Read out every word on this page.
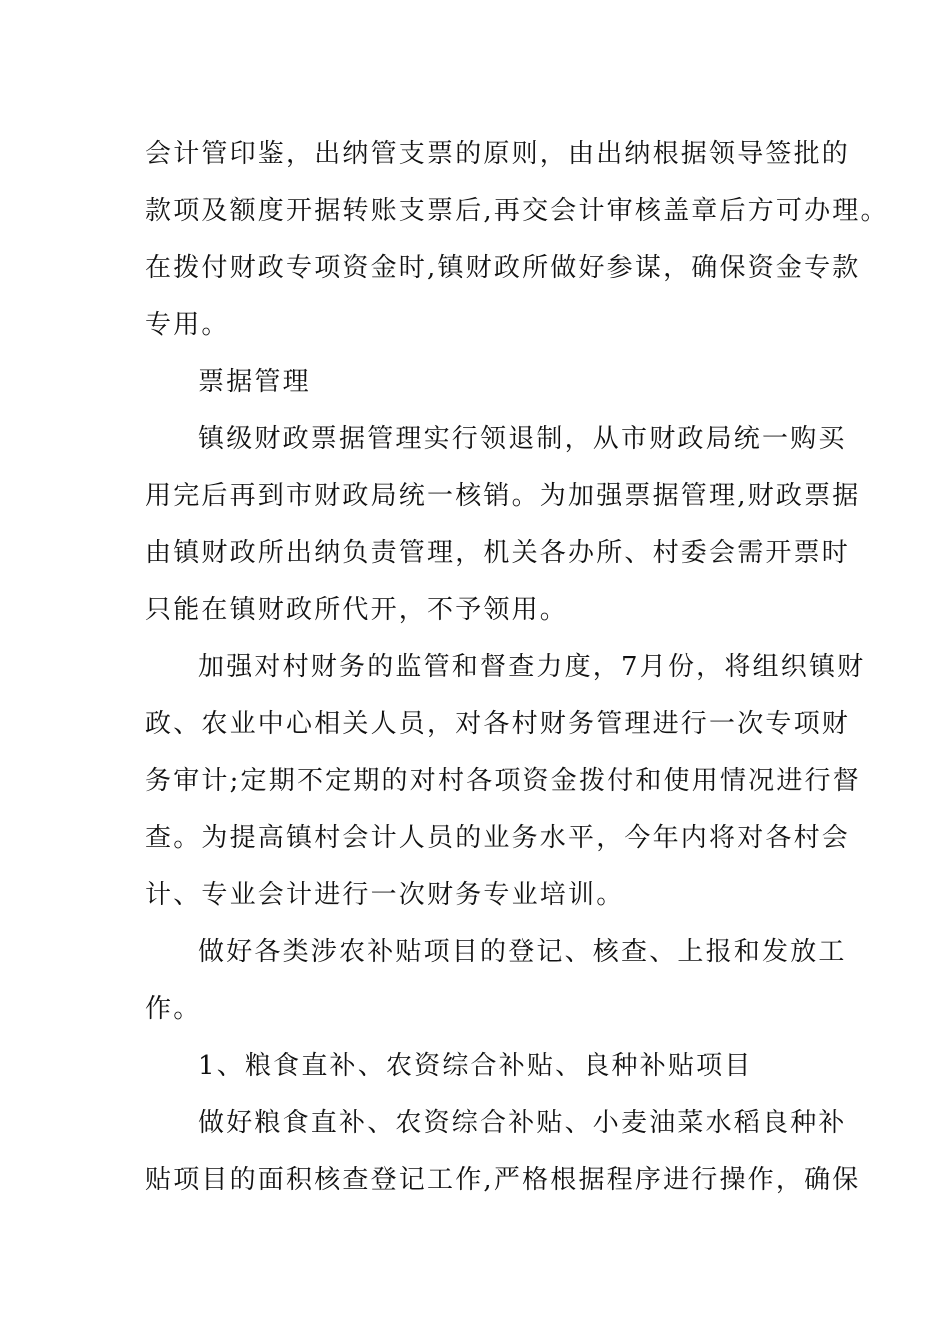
会计管印鉴，出纳管支票的原则，由出纳根据领导签批的
款项及额度开据转账支票后,再交会计审核盖章后方可办理。
在拨付财政专项资金时,镇财政所做好参谋，确保资金专款
专用。
票据管理
镇级财政票据管理实行领退制，从市财政局统一购买
用完后再到市财政局统一核销。为加强票据管理,财政票据
由镇财政所出纳负责管理，机关各办所、村委会需开票时
只能在镇财政所代开，不予领用。
加强对村财务的监管和督查力度，7月份，将组织镇财
政、农业中心相关人员，对各村财务管理进行一次专项财
务审计;定期不定期的对村各项资金拨付和使用情况进行督
查。为提高镇村会计人员的业务水平，今年内将对各村会
计、专业会计进行一次财务专业培训。
做好各类涉农补贴项目的登记、核查、上报和发放工
作。
1、粮食直补、农资综合补贴、良种补贴项目
做好粮食直补、农资综合补贴、小麦油菜水稻良种补
贴项目的面积核查登记工作,严格根据程序进行操作，确保
